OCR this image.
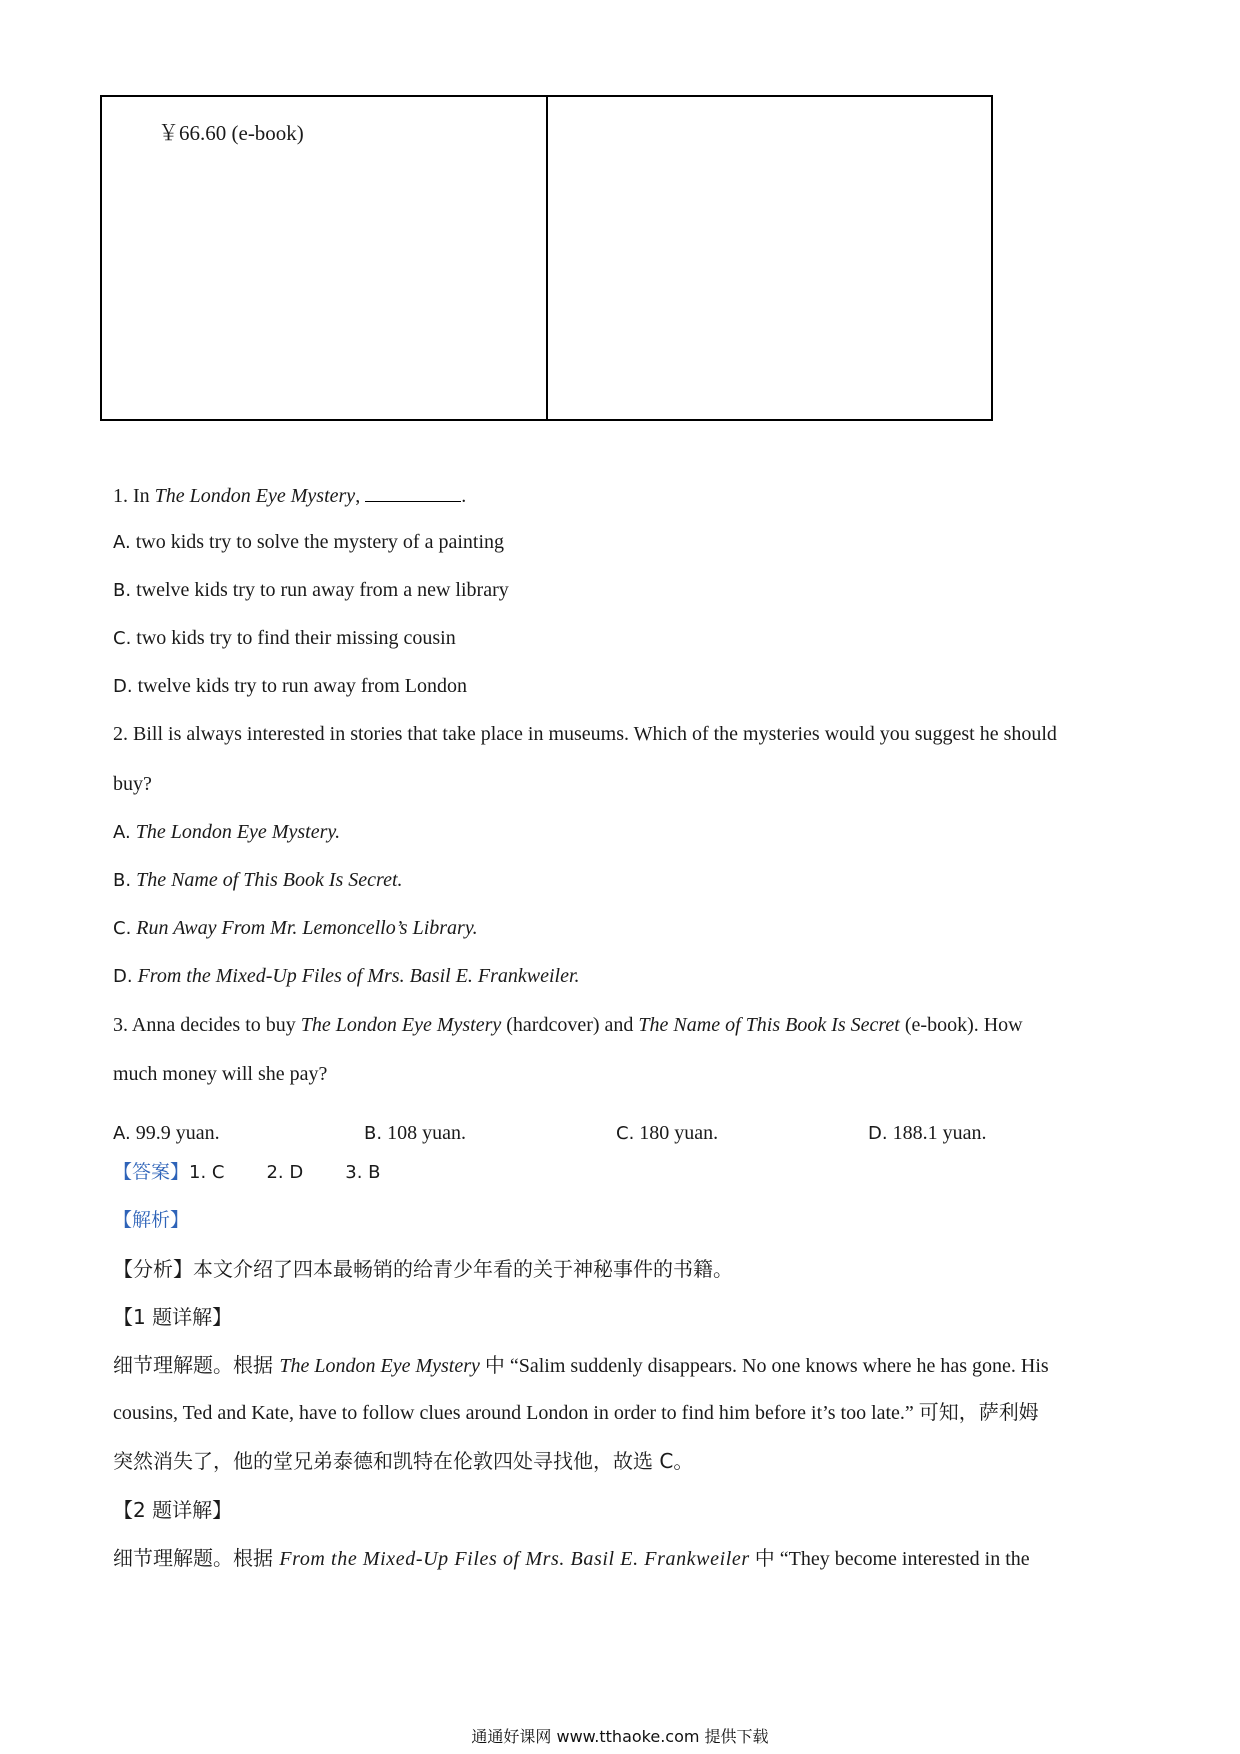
￥66.60 (e-book)
1. In The London Eye Mystery,	.
A. two kids try to solve the mystery of a painting
B. twelve kids try to run away from a new library
C. two kids try to find their missing cousin
D. twelve kids try to run away from London
2. Bill is always interested in stories that take place in museums. Which of the mysteries would you suggest he should
buy?
A. The London Eye Mystery.
B. The Name of This Book Is Secret.
C. Run Away From Mr. Lemoncello’s Library.
D. From the Mixed-Up Files of Mrs. Basil E. Frankweiler.
3. Anna decides to buy The London Eye Mystery (hardcover) and The Name of This Book Is Secret (e-book). How
much money will she pay?
A. 99.9 yuan.	B. 108 yuan.	C. 180 yuan.	D. 188.1 yuan.
【答案】1. C 2. D 3. B
【解析】
【分析】本文介绍了四本最畅销的给青少年看的关于神秘事件的书籍。
【1 题详解】
细节理解题。根据 The London Eye Mystery 中 “Salim suddenly disappears. No one knows where he has gone. His
cousins, Ted and Kate, have to follow clues around London in order to find him before it’s too late.” 可知，萨利姆
突然消失了，他的堂兄弟泰德和凯特在伦敦四处寻找他，故选 C。
【2 题详解】
细节理解题。根据 From the Mixed-Up Files of Mrs. Basil E. Frankweiler 中 “They become interested in the
通通好课网 www.tthaoke.com 提供下载
